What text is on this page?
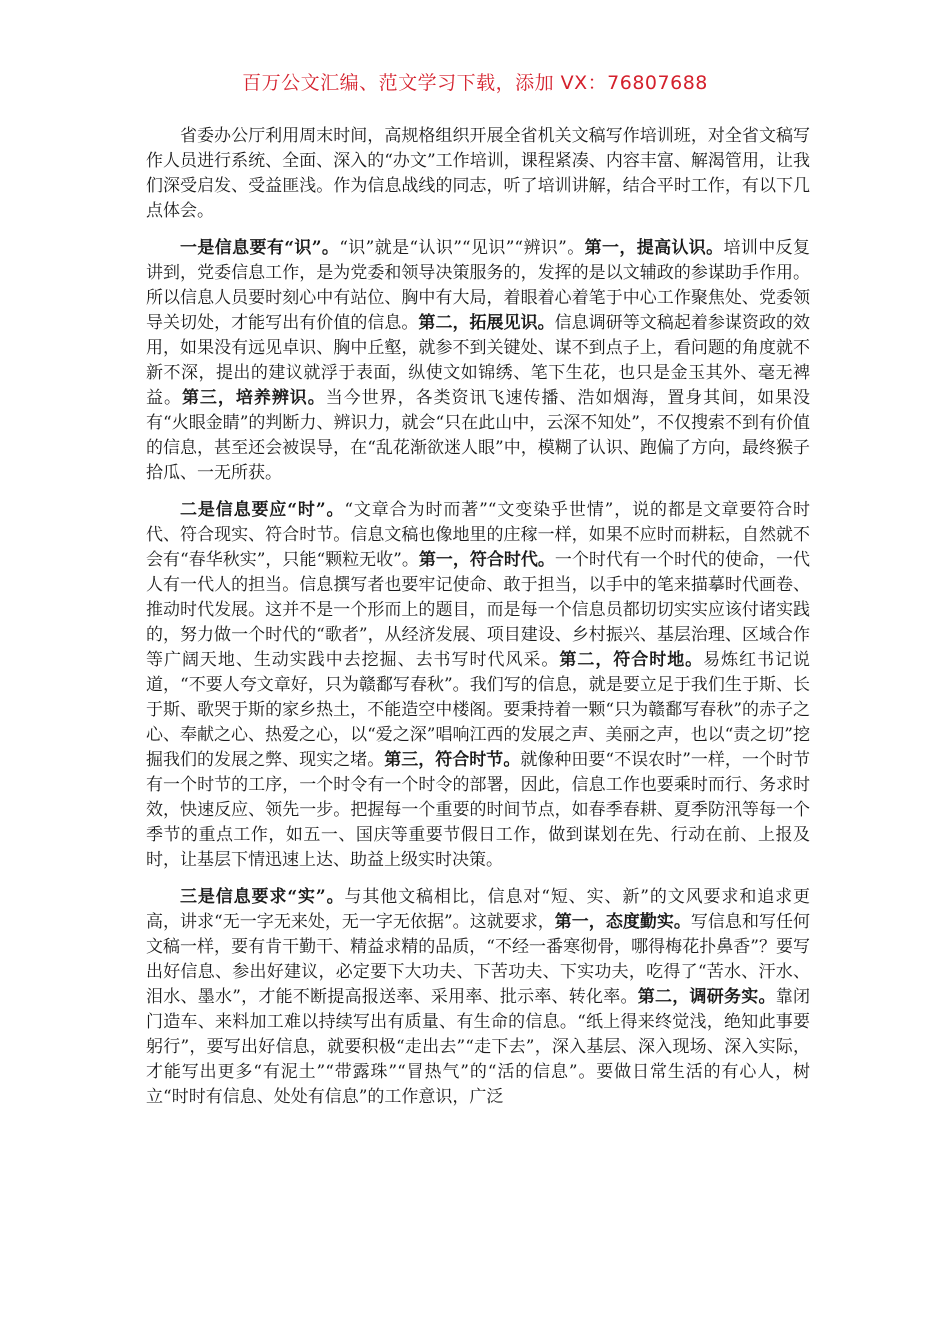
百万公文汇编、范文学习下载，添加 VX：76807688

省委办公厅利用周末时间，高规格组织开展全省机关文稿写作培训班，对全省文稿写作人员进行系统、全面、深入的“办文”工作培训，课程紧凑、内容丰富、解渴管用，让我们深受启发、受益匪浅。作为信息战线的同志，听了培训讲解，结合平时工作，有以下几点体会。

一是信息要有“识”。“识”就是“认识”“见识”“辨识”。第一，提高认识。培训中反复讲到，党委信息工作，是为党委和领导决策服务的，发挥的是以文辅政的参谋助手作用。所以信息人员要时刻心中有站位、胸中有大局，着眼着心着笔于中心工作聚焦处、党委领导关切处，才能写出有价值的信息。第二，拓展见识。信息调研等文稿起着参谋资政的效用，如果没有远见卓识、胸中丘壑，就参不到关键处、谋不到点子上，看问题的角度就不新不深，提出的建议就浮于表面，纵使文如锦绣、笔下生花，也只是金玉其外、毫无裨益。第三，培养辨识。当今世界，各类资讯飞速传播、浩如烟海，置身其间，如果没有“火眼金睛”的判断力、辨识力，就会“只在此山中，云深不知处”，不仅搜索不到有价值的信息，甚至还会被误导，在“乱花渐欲迷人眼”中，模糊了认识、跑偏了方向，最终猴子拾瓜、一无所获。

二是信息要应“时”。“文章合为时而著”“文变染乎世情”，说的都是文章要符合时代、符合现实、符合时节。信息文稿也像地里的庄稼一样，如果不应时而耕耘，自然就不会有“春华秋实”，只能“颗粒无收”。第一，符合时代。一个时代有一个时代的使命，一代人有一代人的担当。信息撰写者也要牢记使命、敢于担当，以手中的笔来描摹时代画卷、推动时代发展。这并不是一个形而上的题目，而是每一个信息员都切切实实应该付诸实践的，努力做一个时代的“歌者”，从经济发展、项目建设、乡村振兴、基层治理、区域合作等广阔天地、生动实践中去挖掘、去书写时代风采。第二，符合时地。易炼红书记说道，“不要人夸文章好，只为赣鄱写春秋”。我们写的信息，就是要立足于我们生于斯、长于斯、歌哭于斯的家乡热土，不能造空中楼阁。要秉持着一颗“只为赣鄱写春秋”的赤子之心、奉献之心、热爱之心，以“爱之深”唱响江西的发展之声、美丽之声，也以“责之切”挖掘我们的发展之弊、现实之堵。第三，符合时节。就像种田要“不误农时”一样，一个时节有一个时节的工序，一个时令有一个时令的部署，因此，信息工作也要乘时而行、务求时效，快速反应、领先一步。把握每一个重要的时间节点，如春季春耕、夏季防汛等每一个季节的重点工作，如五一、国庆等重要节假日工作，做到谋划在先、行动在前、上报及时，让基层下情迅速上达、助益上级实时决策。

三是信息要求“实”。与其他文稿相比，信息对“短、实、新”的文风要求和追求更高，讲求“无一字无来处，无一字无依据”。这就要求，第一，态度勤实。写信息和写任何文稿一样，要有肯干勤干、精益求精的品质，“不经一番寒彻骨，哪得梅花扑鼻香”？要写出好信息、参出好建议，必定要下大功夫、下苦功夫、下实功夫，吃得了“苦水、汗水、泪水、墨水”，才能不断提高报送率、采用率、批示率、转化率。第二，调研务实。靠闭门造车、来料加工难以持续写出有质量、有生命的信息。“纸上得来终觉浅，绝知此事要躬行”，要写出好信息，就要积极“走出去”“走下去”，深入基层、深入现场、深入实际，才能写出更多“有泥土”“带露珠”“冒热气”的“活的信息”。要做日常生活的有心人，树立“时时有信息、处处有信息”的工作意识，广泛
